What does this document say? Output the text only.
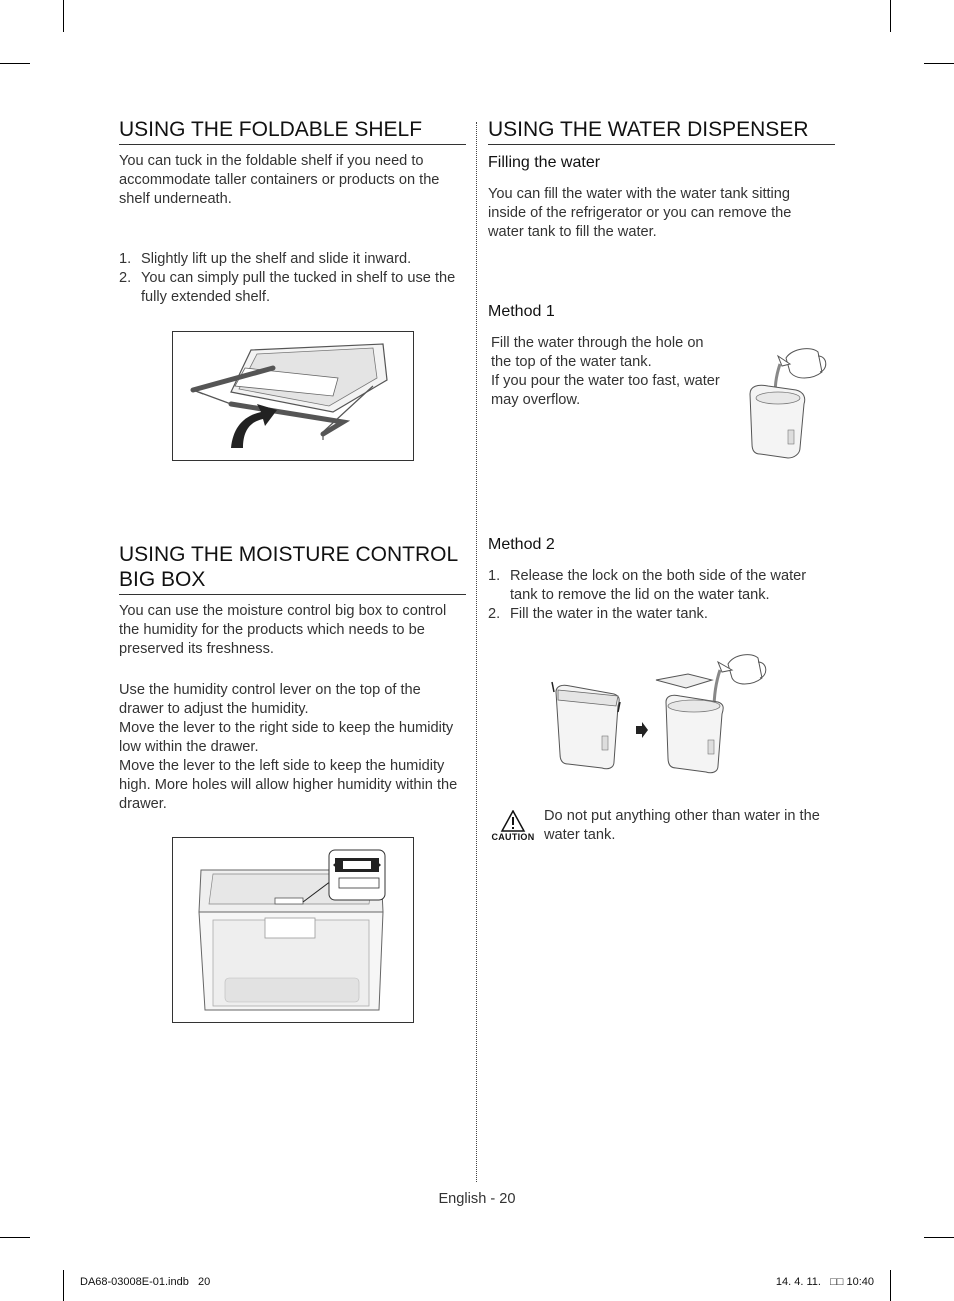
USING THE FOLDABLE SHELF

You can tuck in the foldable shelf if you need to accommodate taller containers or products on the shelf underneath.

1. Slightly lift up the shelf and slide it inward.
2. You can simply pull the tucked in shelf to use the fully extended shelf.
USING THE MOISTURE CONTROL BIG BOX

You can use the moisture control big box to control the humidity for the products which needs to be preserved its freshness.

Use the humidity control lever on the top of the drawer to adjust the humidity.
Move the lever to the right side to keep the humidity low within the drawer.
Move the lever to the left side to keep the humidity high. More holes will allow higher humidity within the drawer.

USING THE WATER DISPENSER
Filling the water

You can fill the water with the water tank sitting inside of the refrigerator or you can remove the water tank to fill the water.

Method 1

Fill the water through the hole on the top of the water tank.
If you pour the water too fast, water may overflow.

Method 2
1. Release the lock on the both side of the water tank to remove the lid on the water tank.
2. Fill the water in the water tank.
CAUTION

Do not put anything other than water in the water tank.

English - 20
DA68-03008E-01.indb   20	14. 4. 11.   □□ 10:40
